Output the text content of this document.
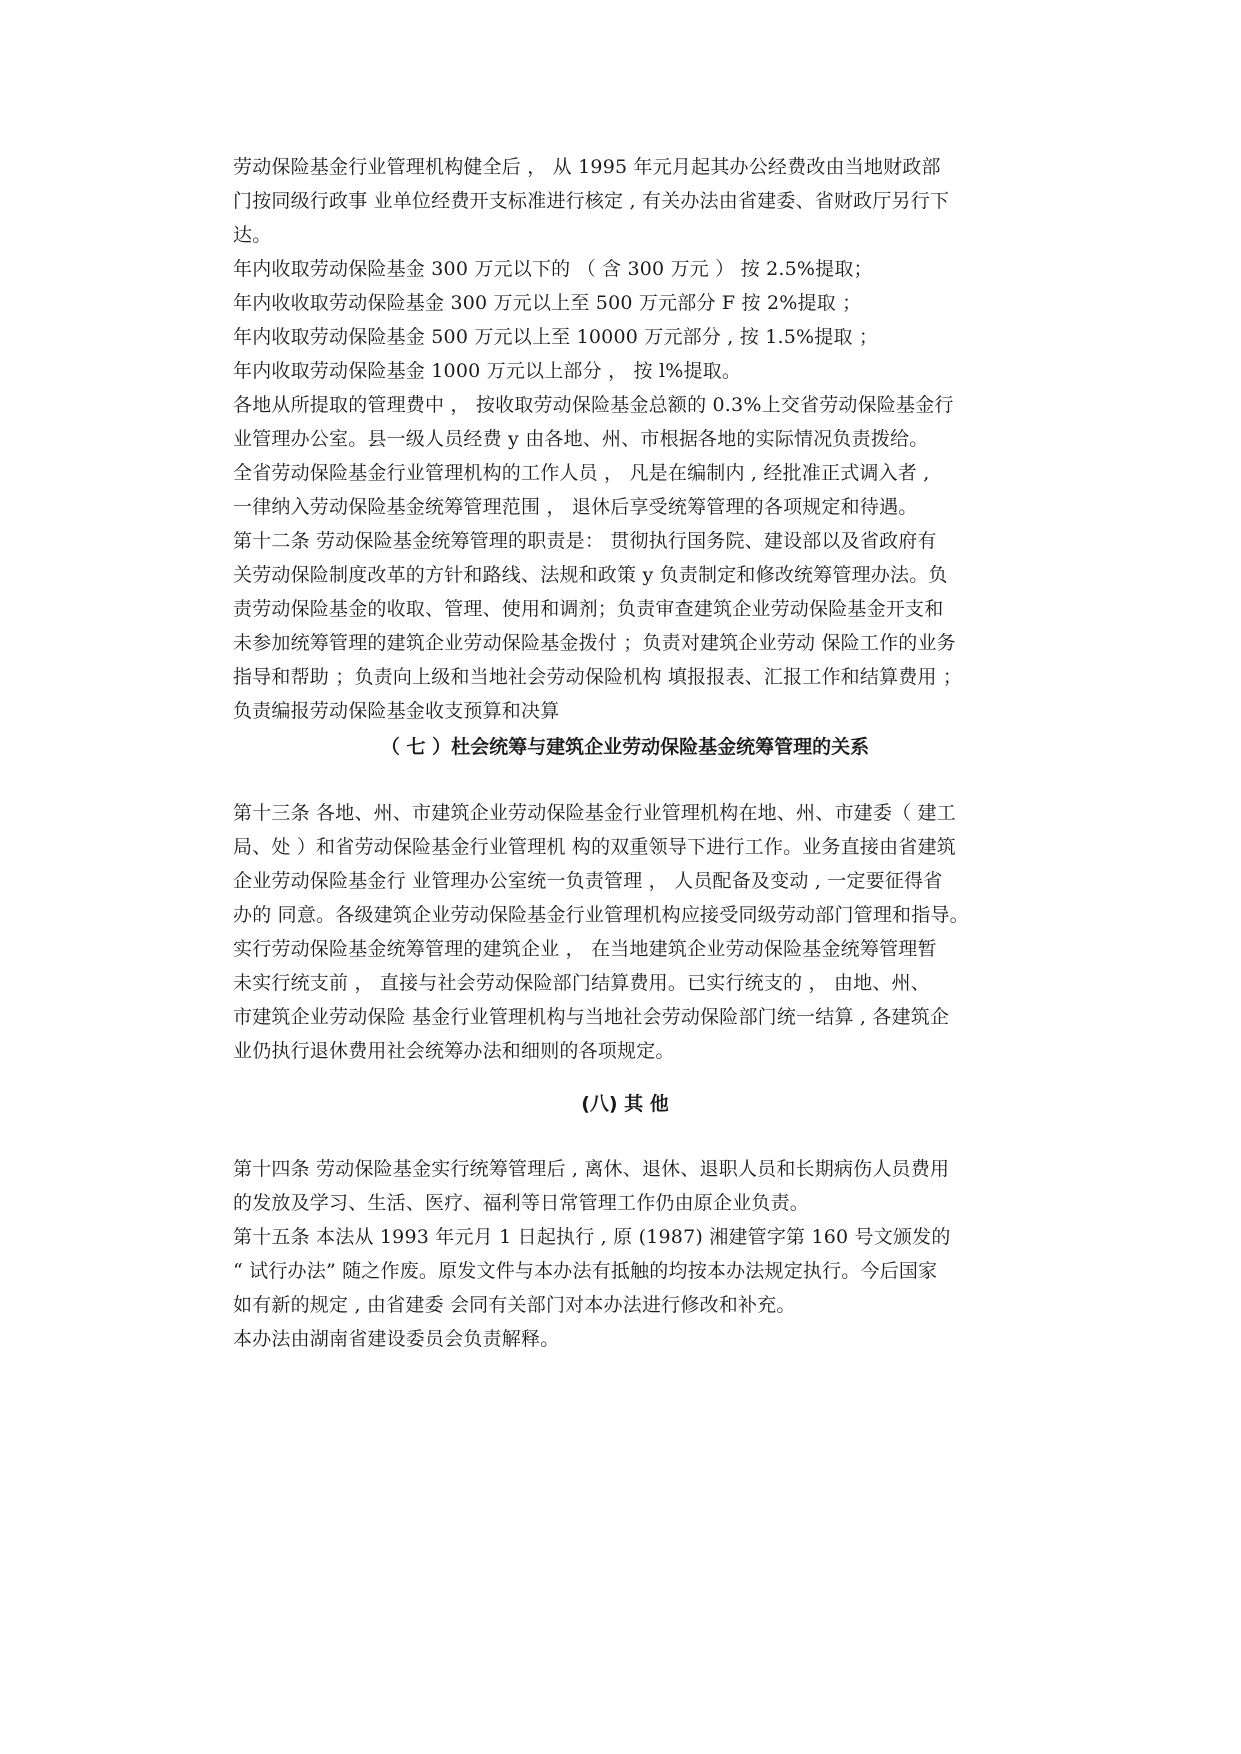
劳动保险基金行业管理机构健全后 ， 从 1995 年元月起其办公经费改由当地财政部
门按同级行政事 业单位经费开支标准进行核定 , 有关办法由省建委、省财政厅另行下
达。
年内收取劳动保险基金 300 万元以下的 （ 含 300 万元 ） 按 2.5%提取；
年内收收取劳动保险基金 300 万元以上至 500 万元部分 F 按 2%提取 ；
年内收取劳动保险基金 500 万元以上至 10000 万元部分 , 按 1.5%提取 ；
年内收取劳动保险基金 1000 万元以上部分 ， 按 l%提取。
各地从所提取的管理费中 ， 按收取劳动保险基金总额的 0.3%上交省劳动保险基金行
业管理办公室。县一级人员经费 y 由各地、州、市根据各地的实际情况负责拨给。
全省劳动保险基金行业管理机构的工作人员 ， 凡是在编制内 , 经批准正式调入者 ,
一律纳入劳动保险基金统筹管理范围 ， 退休后享受统筹管理的各项规定和待遇。
第十二条 劳动保险基金统筹管理的职责是： 贯彻执行国务院、建设部以及省政府有
关劳动保险制度改革的方针和路线、法规和政策 y 负责制定和修改统筹管理办法。负
责劳动保险基金的收取、管理、使用和调剂；负责审查建筑企业劳动保险基金开支和
未参加统筹管理的建筑企业劳动保险基金拨付 ；负责对建筑企业劳动 保险工作的业务
指导和帮助 ；负责向上级和当地社会劳动保险机构 填报报表、汇报工作和结算费用 ；
负责编报劳动保险基金收支预算和决算
（ 七 ）杜会统筹与建筑企业劳动保险基金统筹管理的关系
第十三条 各地、州、市建筑企业劳动保险基金行业管理机构在地、州、市建委（ 建工
局、处 ）和省劳动保险基金行业管理机 构的双重领导下进行工作。业务直接由省建筑
企业劳动保险基金行 业管理办公室统一负责管理 ， 人员配备及变动 , 一定要征得省
办的 同意。各级建筑企业劳动保险基金行业管理机构应接受同级劳动部门管理和指导。
实行劳动保险基金统筹管理的建筑企业 ， 在当地建筑企业劳动保险基金统筹管理暂
未实行统支前 ， 直接与社会劳动保险部门结算费用。已实行统支的 ， 由地、州、
市建筑企业劳动保险 基金行业管理机构与当地社会劳动保险部门统一结算 , 各建筑企
业仍执行退休费用社会统筹办法和细则的各项规定。
(八) 其 他
第十四条 劳动保险基金实行统筹管理后 , 离休、退休、退职人员和长期病伤人员费用
的发放及学习、生活、医疗、福利等日常管理工作仍由原企业负责。
第十五条 本法从 1993 年元月 1 日起执行 , 原 (1987) 湘建管字第 160 号文颁发的
“ 试行办法” 随之作废。原发文件与本办法有抵触的均按本办法规定执行。今后国家
如有新的规定 , 由省建委 会同有关部门对本办法进行修改和补充。
本办法由湖南省建设委员会负责解释。
